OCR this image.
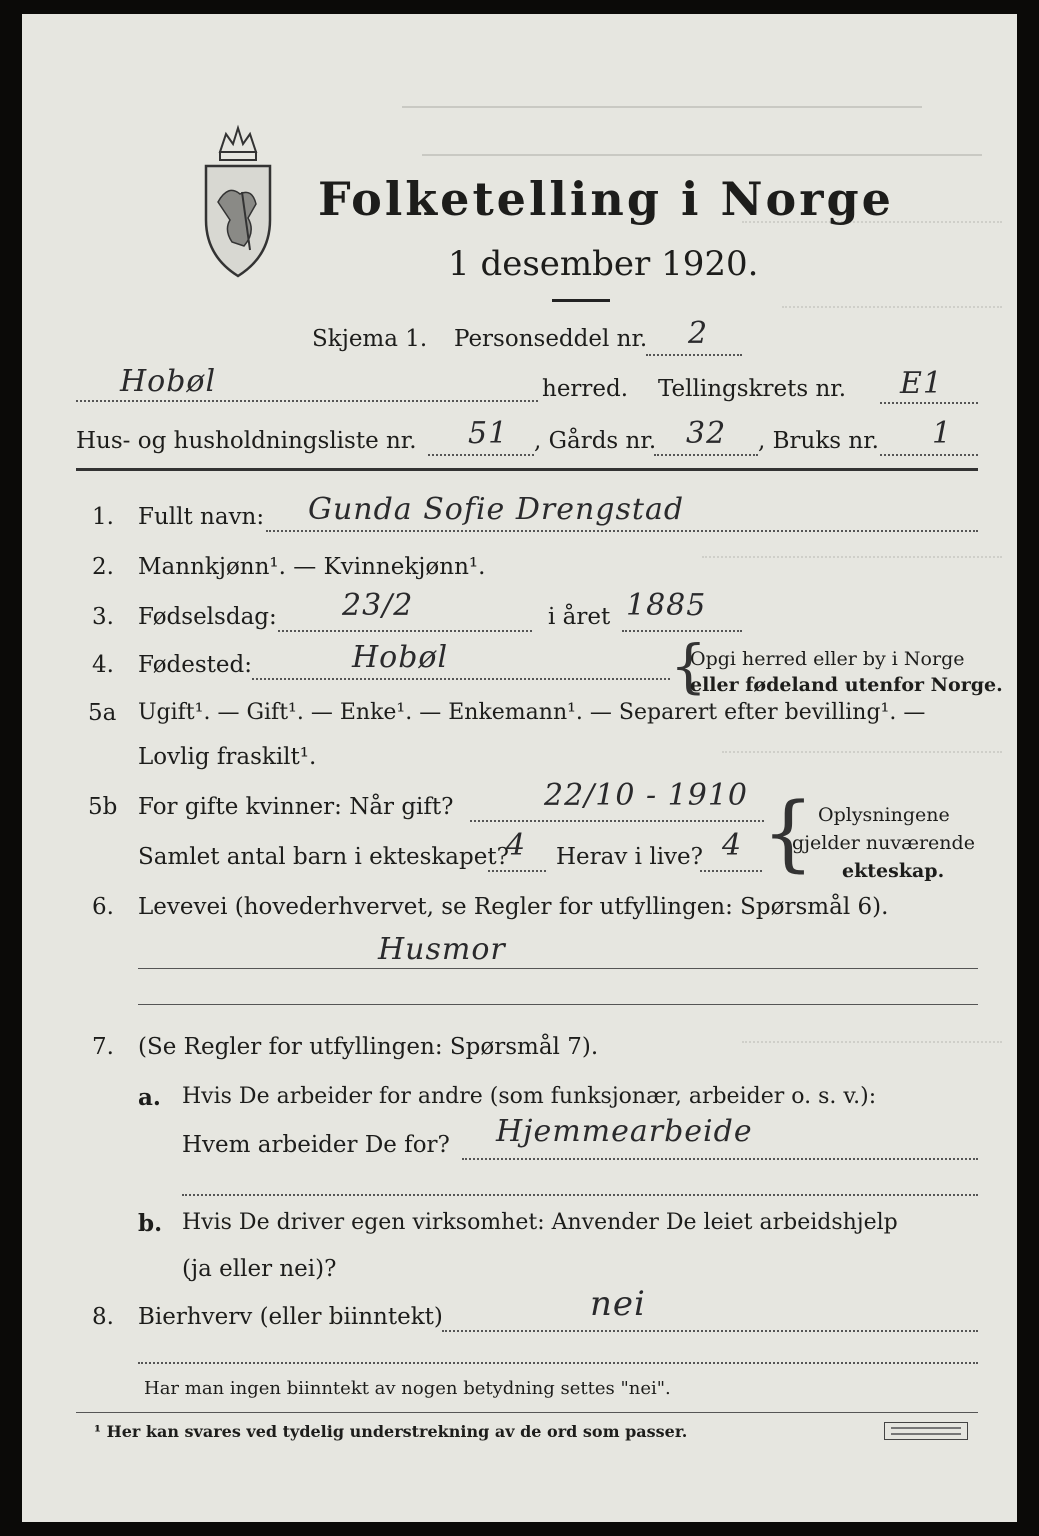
Folketelling i Norge
1 desember 1920.
Skjema 1. Personseddel nr. 2
Hobøl	herred. Tellingskrets nr. E1
Hus- og husholdningsliste nr. 51 , Gårds nr. 32 , Bruks nr. 1
1. Fullt navn: Gunda Sofie Drengstad
2. Mannkjønn¹. — Kvinnekjønn¹.
3. Fødselsdag: 23/2	i året 1885
4. Fødested:	Hobøl	{
Opgi herred eller by i Norge
eller fødeland utenfor Norge.
5a Ugift¹. — Gift¹. — Enke¹. — Enkemann¹. — Separert efter bevilling¹. —
Lovlig fraskilt¹.
5b For gifte kvinner: Når gift?	22/10 - 1910
Samlet antal barn i ekteskapet?
4 Herav i live? 4 { Oplysningene
gjelder nuværende
ekteskap.
6. Levevei (hovederhvervet, se Regler for utfyllingen: Spørsmål 6).
Husmor
7. (Se Regler for utfyllingen: Spørsmål 7).
a. Hvis De arbeider for andre (som funksjonær, arbeider o. s. v.):
Hvem arbeider De for? Hjemmearbeide
b. Hvis De driver egen virksomhet: Anvender De leiet arbeidshjelp
(ja eller nei)?
8. Bierhverv (eller biinntekt)	nei
Har man ingen biinntekt av nogen betydning settes "nei".
¹ Her kan svares ved tydelig understrekning av de ord som passer.
